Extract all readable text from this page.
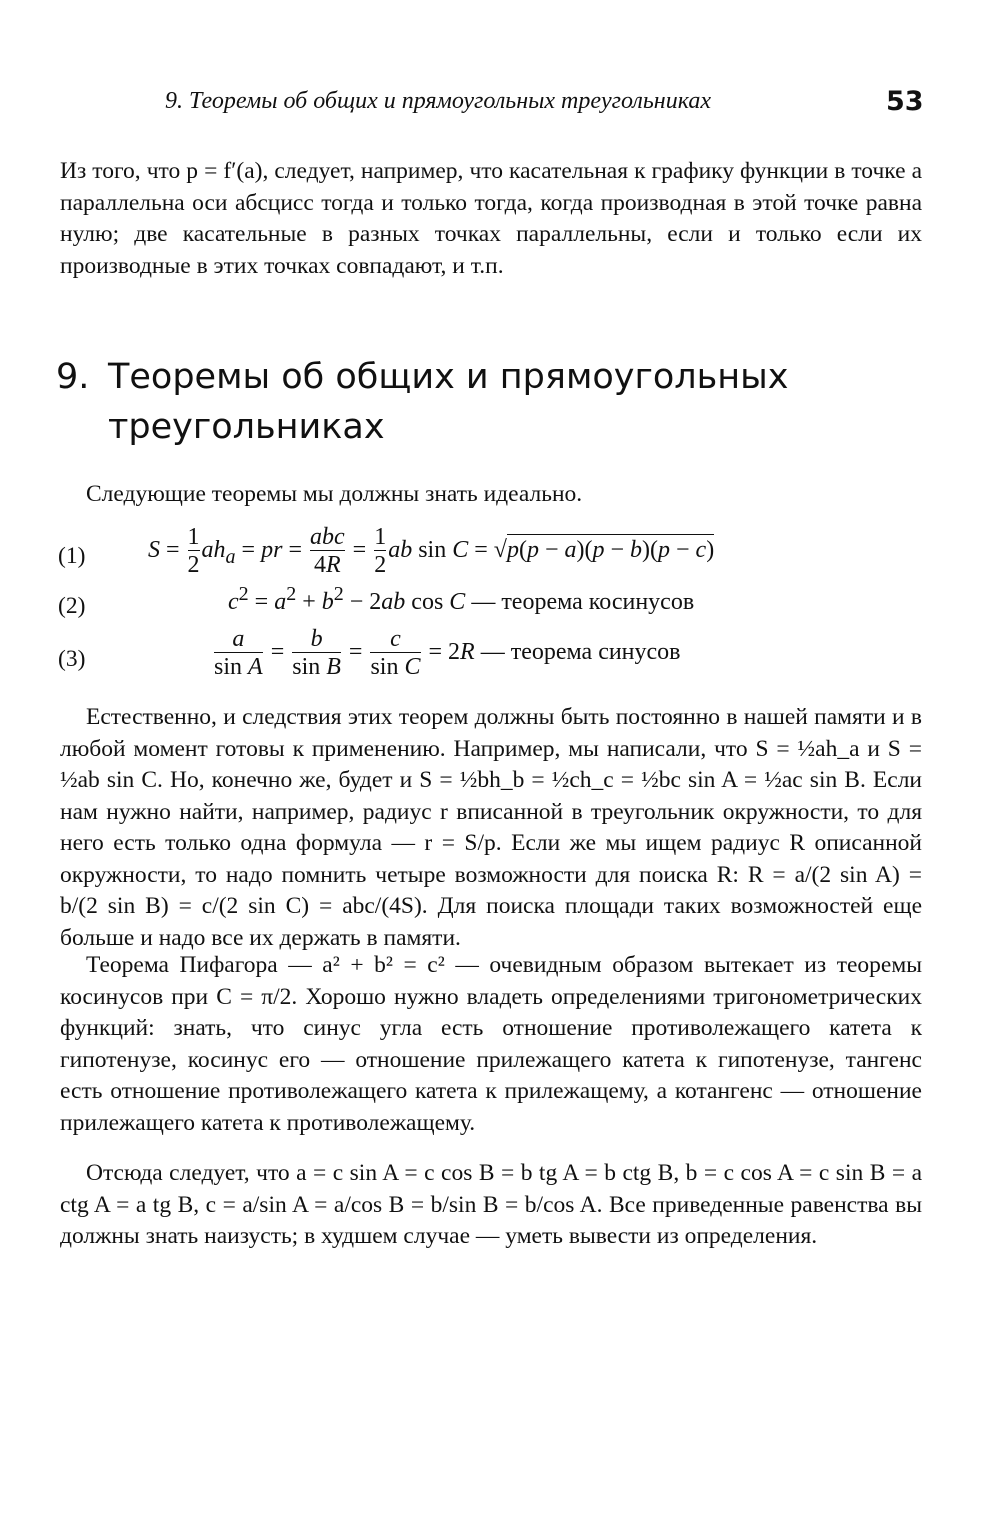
9. Теоремы об общих и прямоугольных треугольниках	53
Из того, что p = f′(a), следует, например, что касательная к графику функции в точке a параллельна оси абсцисс тогда и только тогда, когда производная в этой точке равна нулю; две касательные в разных точках параллельны, если и только если их производные в этих точках совпадают, и т.п.
9. Теоремы об общих и прямоугольных
треугольниках
Следующие теоремы мы должны знать идеально.
(1)	$S = \frac{1}{2} ah_a$ = pr = $\frac{\text{abc}}{4R} = \frac{1}{2}$ ab sin C = √p(p − a)(p − b)(p − c)
(2)	$c^2 = a^2 + b^2 - 2ab$ cos C — теорема косинусов
(3)	$\frac{a}{\text{sin A}} = \frac{b}{\text{sin B}} = \frac{c}{\text{sin C}} = 2R$ — теорема синусов

Естественно, и следствия этих теорем должны быть постоянно в нашей памяти и в любой момент готовы к применению. Например, мы написали, что S = ½ah_a и S = ½ab sin C. Но, конечно же, будет и S = ½bh_b = ½ch_c = ½bc sin A = ½ac sin B. Если нам нужно найти, например, радиус r вписанной в треугольник окружности, то для него есть только одна формула — r = S/p. Если же мы ищем радиус R описанной окружности, то надо помнить четыре возможности для поиска R: R = a/(2 sin A) = b/(2 sin B) = c/(2 sin C) = abc/(4S). Для поиска площади таких возможностей еще больше и надо все их держать в памяти.

Теорема Пифагора — a² + b² = c² — очевидным образом вытекает из теоремы косинусов при C = π/2. Хорошо нужно владеть определениями тригонометрических функций: знать, что синус угла есть отношение противолежащего катета к гипотенузе, косинус его — отношение прилежащего катета к гипотенузе, тангенс есть отношение противолежащего катета к прилежащему, а котангенс — отношение прилежащего катета к противолежащему.

Отсюда следует, что a = c sin A = c cos B = b tg A = b ctg B, b = c cos A = c sin B = a ctg A = a tg B, c = a/sin A = a/cos B = b/sin B = b/cos A. Все приведенные равенства вы должны знать наизусть; в худшем случае — уметь вывести из определения.
